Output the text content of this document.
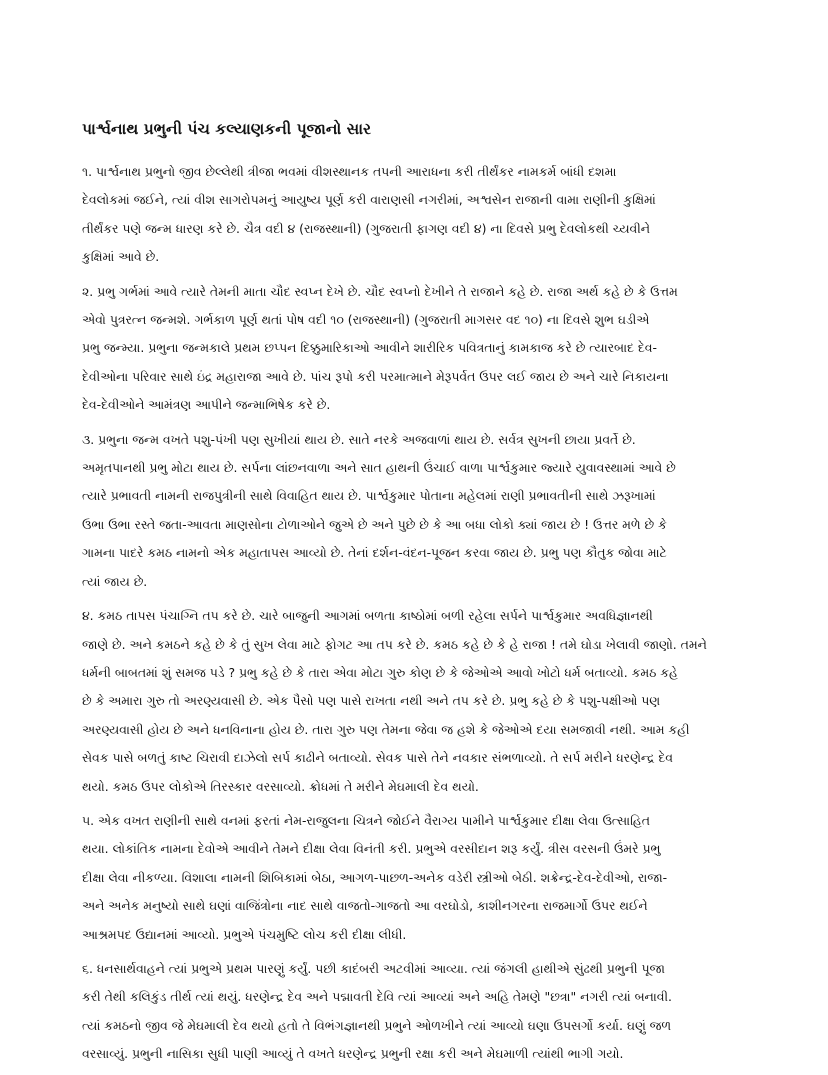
પાર્શ્વનાથ પ્રભુની પંચ કલ્યાણકની પૂજાનો સાર
૧. પાર્શ્વનાથ પ્રભુનો જીવ છેલ્લેથી ત્રીજા ભવમાં વીશસ્થાનક તપની આરાધના કરી તીર્થંકર નામકર્મ બાંધી દશમા
દેવલોકમાં જઈને, ત્યાં વીશ સાગરોપમનું આયુષ્ય પૂર્ણ કરી વારાણસી નગરીમાં, અશ્વસેન રાજાની વામા રાણીની કુક્ષિમાં
તીર્થંકર પણે જન્મ ધારણ કરે છે. ચૈત્ર વદી ૪ (રાજસ્થાની) (ગુજરાતી ફાગણ વદી ૪) ના દિવસે પ્રભુ દેવલોકથી ચ્યવીને
કુક્ષિમાં આવે છે.
૨. પ્રભુ ગર્ભમાં આવે ત્યારે તેમની માતા ચૌદ સ્વપ્ન દેખે છે. ચૌદ સ્વપ્નો દેખીને તે રાજાને કહે છે. રાજા અર્થ કહે છે કે ઉત્તમ
એવો પુત્રરત્ન જન્મશે. ગર્ભકાળ પૂર્ણ થતાં પોષ વદી ૧૦ (રાજસ્થાની) (ગુજરાતી માગસર વદ ૧૦) ના દિવસે શુભ ઘડીએ
પ્રભુ જન્મ્યા. પ્રભુના જન્મકાલે પ્રથમ છપ્પન દિક્કુમારિકાઓ આવીને શારીરિક પવિત્રતાનું કામકાજ કરે છે ત્યારબાદ દેવ-
દેવીઓના પરિવાર સાથે ઇંદ્ર મહારાજા આવે છે. પાંચ રૂપો કરી પરમાત્માને મેરૂપર્વત ઉપર લઈ જાય છે અને ચારે નિકાયના
દેવ-દેવીઓને આમંત્રણ આપીને જન્માભિષેક કરે છે.
૩. પ્રભુના જન્મ વખતે પશુ-પંખી પણ સુખીયાં થાય છે. સાતે નરકે અજવાળાં થાય છે. સર્વત્ર સુખની છાયા પ્રવર્તે છે.
અમૃતપાનથી પ્રભુ મોટા થાય છે. સર્પના લાંછનવાળા અને સાત હાથની ઉંચાઈ વાળા પાર્શ્વકુમાર જ્યારે યુવાવસ્થામાં આવે છે
ત્યારે પ્રભાવતી નામની રાજપુત્રીની સાથે વિવાહિત થાય છે. પાર્શ્વકુમાર પોતાના મહેલમાં રાણી પ્રભાવતીની સાથે ઝરૂખામાં
ઉભા ઉભા રસ્તે જતા-આવતા માણસોના ટોળાઓને જુએ છે અને પુછે છે કે આ બધા લોકો ક્યાં જાય છે ! ઉત્તર મળે છે કે
ગામના પાદરે કમઠ નામનો એક મહાતાપસ આવ્યો છે. તેનાં દર્શન-વંદન-પૂજન કરવા જાય છે. પ્રભુ પણ કૌતુક જોવા માટે
ત્યાં જાય છે.
૪. કમઠ તાપસ પંચાગ્નિ તપ કરે છે. ચારે બાજુની આગમાં બળતા કાષ્ઠોમાં બળી રહેલા સર્પને પાર્શ્વકુમાર અવધિજ્ઞાનથી
જાણે છે. અને કમઠને કહે છે કે તું સુખ લેવા માટે ફોગટ આ તપ કરે છે. કમઠ કહે છે કે હે રાજા ! તમે ઘોડા ખેલાવી જાણો. તમને
ધર્મની બાબતમાં શું સમજ પડે ? પ્રભુ કહે છે કે તારા એવા મોટા ગુરુ કોણ છે કે જેઓએ આવો ખોટો ધર્મ બતાવ્યો. કમઠ કહે
છે કે અમારા ગુરુ તો અરણ્યવાસી છે. એક પૈસો પણ પાસે રાખતા નથી અને તપ કરે છે. પ્રભુ કહે છે કે પશુ-પક્ષીઓ પણ
અરણ્યવાસી હોય છે અને ધનવિનાના હોય છે. તારા ગુરુ પણ તેમના જેવા જ હશે કે જેઓએ દયા સમજાવી નથી. આમ કહી
સેવક પાસે બળતું કાષ્ટ ચિરાવી દાઝેલો સર્પ કાઢીને બતાવ્યો. સેવક પાસે તેને નવકાર સંભળાવ્યો. તે સર્પ મરીને ધરણેન્દ્ર દેવ
થયો. કમઠ ઉપર લોકોએ તિરસ્કાર વરસાવ્યો. ક્રોધમાં તે મરીને મેઘમાલી દેવ થયો.
૫. એક વખત રાણીની સાથે વનમાં ફરતાં નેમ-રાજુલના ચિત્રને જોઈને વૈરાગ્ય પામીને પાર્શ્વકુમાર દીક્ષા લેવા ઉત્સાહિત
થયા. લોકાંતિક નામના દેવોએ આવીને તેમને દીક્ષા લેવા વિનંતી કરી. પ્રભુએ વરસીદાન શરૂ કર્યું. ત્રીસ વરસની ઉંમરે પ્રભુ
દીક્ષા લેવા નીકળ્યા. વિશાલા નામની શિબિકામાં બેઠા, આગળ-પાછળ-અનેક વડેરી સ્ત્રીઓ બેઠી. શક્રેન્દ્ર-દેવ-દેવીઓ, રાજા-
અને અનેક મનુષ્યો સાથે ઘણાં વાજિંત્રોના નાદ સાથે વાજતો-ગાજતો આ વરઘોડો, કાશીનગરના રાજમાર્ગો ઉપર થઈને
આશ્રમપદ ઉદ્યાનમાં આવ્યો. પ્રભુએ પંચમુષ્ટિ લોચ કરી દીક્ષા લીધી.
૬. ધનસાર્થવાહને ત્યાં પ્રભુએ પ્રથમ પારણું કર્યું. પછી કાદંબરી અટવીમાં આવ્યા. ત્યાં જંગલી હાથીએ સુંઢથી પ્રભુની પૂજા
કરી તેથી કલિકુંડ તીર્થ ત્યાં થયું. ધરણેન્દ્ર દેવ અને પદ્માવતી દેવિ ત્યાં આવ્યાં અને અહિ તેમણે "છત્રા" નગરી ત્યાં બનાવી.
ત્યાં કમઠનો જીવ જે મેઘમાલી દેવ થયો હતો તે વિભંગજ્ઞાનથી પ્રભુને ઓળખીને ત્યાં આવ્યો ઘણા ઉપસર્ગો કર્યા. ઘણું જળ
વરસાવ્યું. પ્રભુની નાસિકા સુધી પાણી આવ્યું તે વખતે ધરણેન્દ્ર પ્રભુની રક્ષા કરી અને મેઘમાળી ત્યાંથી ભાગી ગયો.
